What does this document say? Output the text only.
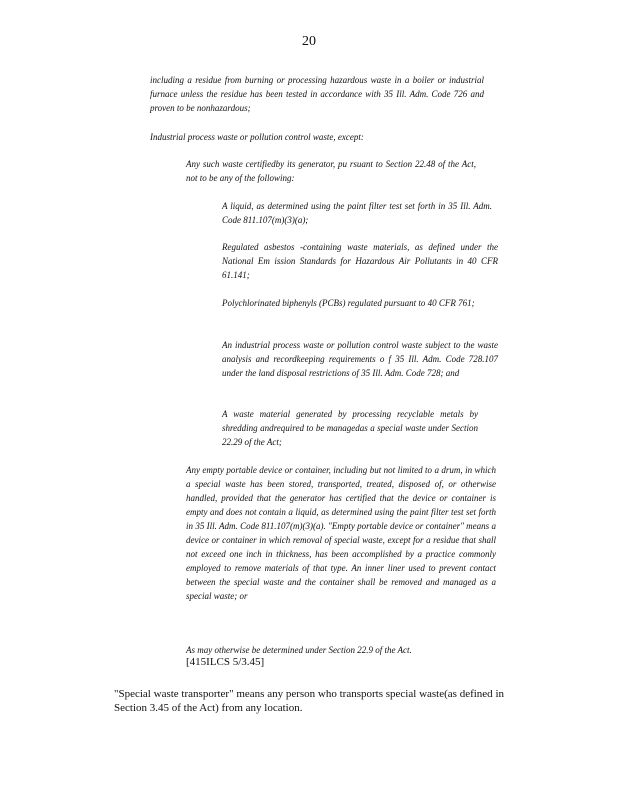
20

including a residue from burning or processing hazardous waste in a boiler or industrial furnace unless the residue has been tested in accordance with 35 Ill. Adm. Code 726 and proven to be nonhazardous;

Industrial process waste or pollution control waste, except:

Any such waste certifiedby its generator, pu rsuant to Section 22.48 of the Act, not to be any of the following:

A liquid, as determined using the paint filter test set forth in 35 Ill. Adm. Code 811.107(m)(3)(a);

Regulated asbestos -containing waste materials, as defined under the National Em ission Standards for Hazardous Air Pollutants in 40 CFR 61.141;

Polychlorinated biphenyls (PCBs) regulated pursuant to 40 CFR 761;

An industrial process waste or pollution control waste subject to the waste analysis and recordkeeping requirements o f 35 Ill. Adm. Code 728.107 under the land disposal restrictions of 35 Ill. Adm. Code 728; and

A waste material generated by processing recyclable metals by shredding andrequired to be managedas a special waste under Section 22.29 of the Act;

Any empty portable device or container, including but not limited to a drum, in which a special waste has been stored, transported, treated, disposed of, or otherwise handled, provided that the generator has certified that the device or container is empty and does not contain a liquid, as determined using the paint filter test set forth in 35 Ill. Adm. Code 811.107(m)(3)(a). "Empty portable device or container" means a device or container in which removal of special waste, except for a residue that shall not exceed one inch in thickness, has been accomplished by a practice commonly employed to remove materials of that type. An inner liner used to prevent contact between the special waste and the container shall be removed and managed as a special waste; or

As may otherwise be determined under Section 22.9 of the Act.

[415ILCS 5/3.45]

"Special waste transporter" means any person who transports special waste(as defined in Section 3.45 of the Act) from any location.
